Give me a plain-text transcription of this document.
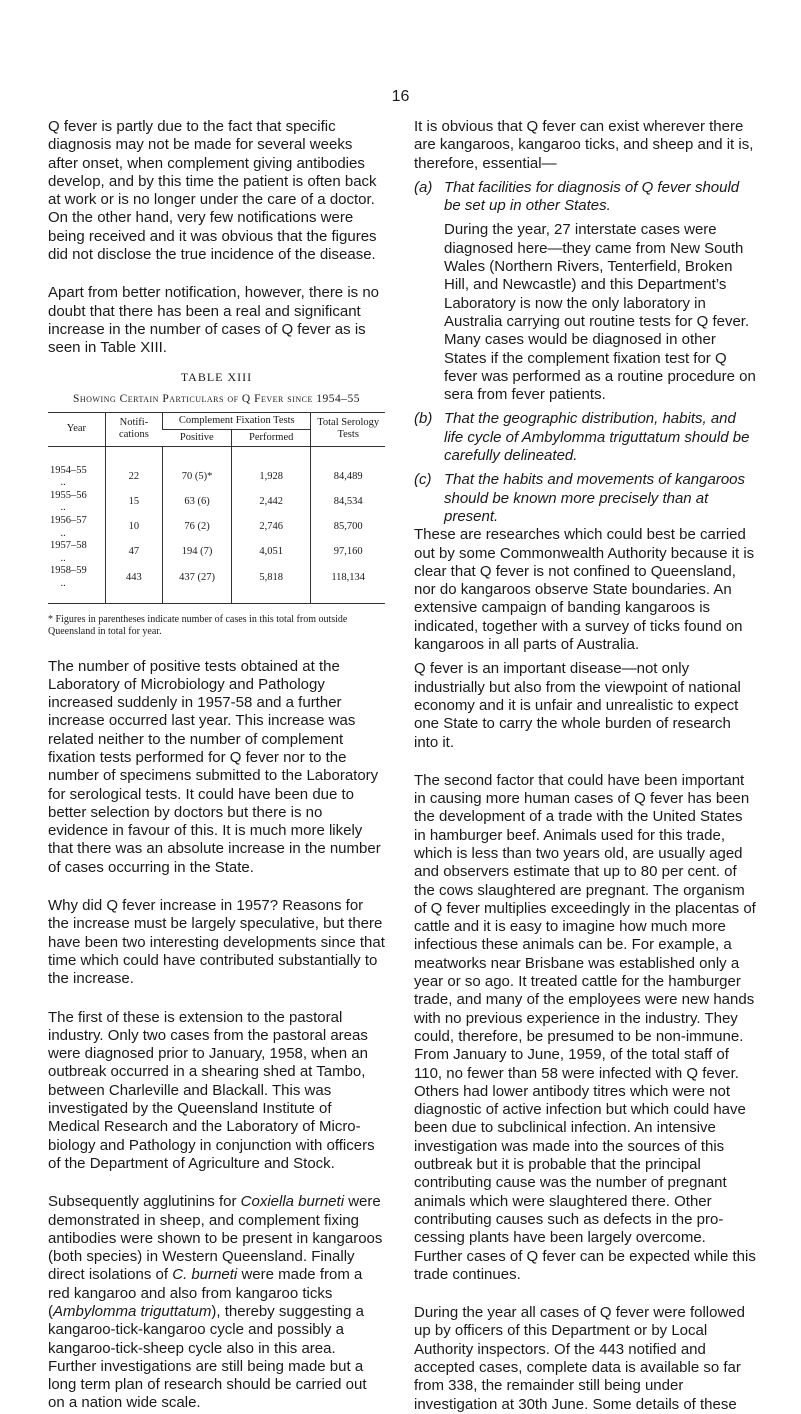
16

Q fever is partly due to the fact that specific diagnosis may not be made for several weeks after onset, when complement giving antibodies develop, and by this time the patient is often back at work or is no longer under the care of a doctor. On the other hand, very few notifications were being received and it was obvious that the figures did not disclose the true incidence of the disease.

Apart from better notification, however, there is no doubt that there has been a real and significant increase in the number of cases of Q fever as is seen in Table XIII.

TABLE XIII
Showing Certain Particulars of Q Fever since 1954–55
Year	Notifications	Complement Fixation Tests		Total Serology Tests
		Positive	Performed	
1954–55  ..	22	70 (5)*	1,928	84,489
1955–56  ..	15	63 (6)	2,442	84,534
1956–57  ..	10	76 (2)	2,746	85,700
1957–58  ..	47	194 (7)	4,051	97,160
1958–59  ..	443	437 (27)	5,818	118,134
* Figures in parentheses indicate number of cases in this total from outside Queensland in total for year.

The number of positive tests obtained at the Laboratory of Microbiology and Pathology increased suddenly in 1957-58 and a further increase occurred last year. This increase was related neither to the number of complement fixation tests performed for Q fever nor to the number of specimens submitted to the Laboratory for serological tests. It could have been due to better selection by doctors but there is no evidence in favour of this. It is much more likely that there was an absolute increase in the number of cases occurring in the State.

Why did Q fever increase in 1957? Reasons for the increase must be largely speculative, but there have been two interesting developments since that time which could have contributed substantially to the increase.

The first of these is extension to the pastoral industry. Only two cases from the pastoral areas were diagnosed prior to January, 1958, when an outbreak occurred in a shearing shed at Tambo, between Charleville and Blackall. This was investigated by the Queensland Institute of Medical Research and the Laboratory of Microbiology and Pathology in conjunction with officers of the Department of Agriculture and Stock.

Subsequently agglutinins for Coxiella burneti were demonstrated in sheep, and complement fixing antibodies were shown to be present in kangaroos (both species) in Western Queensland. Finally direct isolations of C. burneti were made from a red kangaroo and also from kangaroo ticks (Ambylomma triguttatum), thereby suggesting a kangaroo-tick-kangaroo cycle and possibly a kangaroo-tick-sheep cycle also in this area. Further investigations are still being made but a long term plan of research should be carried out on a nation wide scale.

It is obvious that Q fever can exist wherever there are kangaroos, kangaroo ticks, and sheep and it is, therefore, essential—

(a) That facilities for diagnosis of Q fever should be set up in other States.

During the year, 27 interstate cases were diagnosed here—they came from New South Wales (Northern Rivers, Tenterfield, Broken Hill, and Newcastle) and this Department’s Laboratory is now the only laboratory in Australia carrying out routine tests for Q fever. Many cases would be diagnosed in other States if the complement fixation test for Q fever was performed as a routine procedure on sera from fever patients.

(b) That the geographic distribution, habits, and life cycle of Ambylomma triguttatum should be carefully delineated.

(c) That the habits and movements of kangaroos should be known more precisely than at present.

These are researches which could best be carried out by some Commonwealth Authority because it is clear that Q fever is not confined to Queensland, nor do kangaroos observe State boundaries. An extensive campaign of banding kangaroos is indicated, together with a survey of ticks found on kangaroos in all parts of Australia.

Q fever is an important disease—not only industrially but also from the viewpoint of national economy and it is unfair and unrealistic to expect one State to carry the whole burden of research into it.

The second factor that could have been important in causing more human cases of Q fever has been the development of a trade with the United States in hamburger beef. Animals used for this trade, which is less than two years old, are usually aged and observers estimate that up to 80 per cent. of the cows slaughtered are pregnant. The organism of Q fever multiplies exceedingly in the placentas of cattle and it is easy to imagine how much more infectious these animals can be. For example, a meatworks near Brisbane was established only a year or so ago. It treated cattle for the hamburger trade, and many of the employees were new hands with no previous experience in the industry. They could, therefore, be presumed to be non-immune. From January to June, 1959, of the total staff of 110, no fewer than 58 were infected with Q fever. Others had lower antibody titres which were not diagnostic of active infection but which could have been due to subclinical infection. An intensive investigation was made into the sources of this outbreak but it is probable that the principal contributing cause was the number of pregnant animals which were slaughtered there. Other contributing causes such as defects in the processing plants have been largely overcome. Further cases of Q fever can be expected while this trade continues.

During the year all cases of Q fever were followed up by officers of this Department or by Local Authority inspectors. Of the 443 notified and accepted cases, complete data is available so far from 338, the remainder still being under investigation at 30th June. Some details of these
